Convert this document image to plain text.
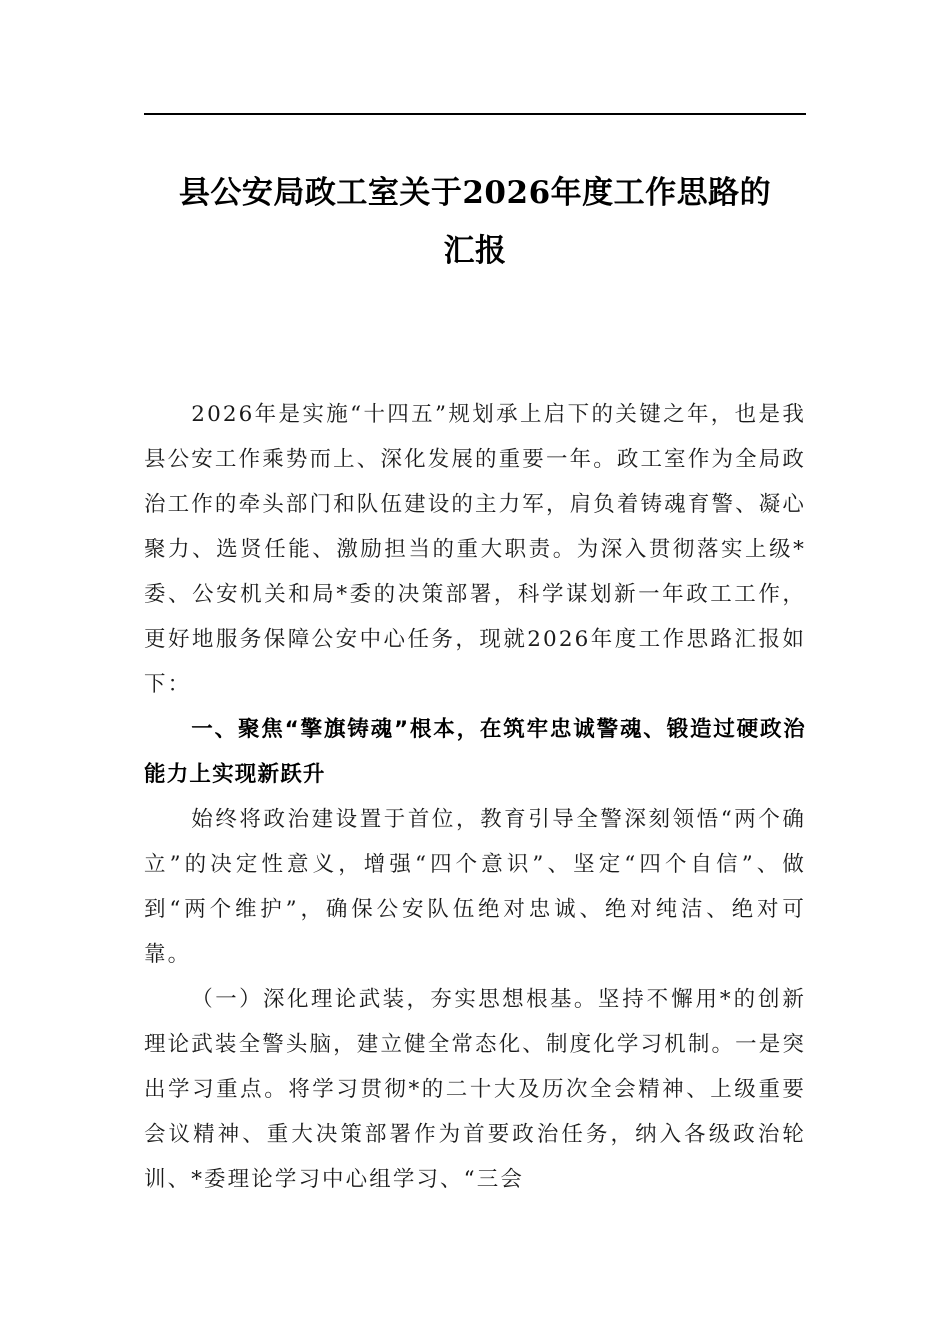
县公安局政工室关于2026年度工作思路的
汇报

2026年是实施“十四五”规划承上启下的关键之年，也是我县公安工作乘势而上、深化发展的重要一年。政工室作为全局政治工作的牵头部门和队伍建设的主力军，肩负着铸魂育警、凝心聚力、选贤任能、激励担当的重大职责。为深入贯彻落实上级*委、公安机关和局*委的决策部署，科学谋划新一年政工工作，更好地服务保障公安中心任务，现就2026年度工作思路汇报如下：

一、聚焦“擎旗铸魂”根本，在筑牢忠诚警魂、锻造过硬政治能力上实现新跃升

始终将政治建设置于首位，教育引导全警深刻领悟“两个确立”的决定性意义，增强“四个意识”、坚定“四个自信”、做到“两个维护”，确保公安队伍绝对忠诚、绝对纯洁、绝对可靠。

（一）深化理论武装，夯实思想根基。坚持不懈用*的创新理论武装全警头脑，建立健全常态化、制度化学习机制。一是突出学习重点。将学习贯彻*的二十大及历次全会精神、上级重要会议精神、重大决策部署作为首要政治任务，纳入各级政治轮训、*委理论学习中心组学习、“三会
